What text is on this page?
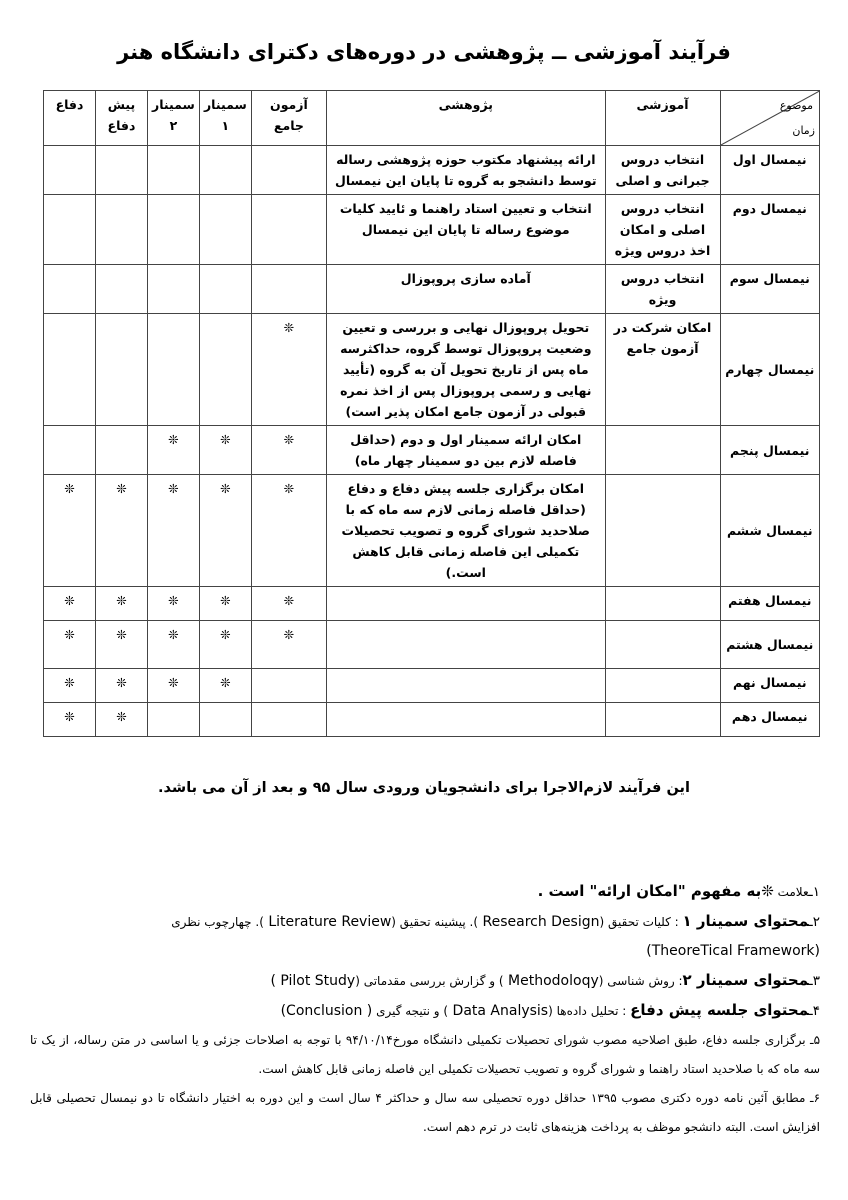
فرآیند آموزشی ــ پژوهشی در دوره‌های دکترای دانشگاه هنر
موضوع
زمان	آموزشی	پژوهشی	آزمون جامع	سمینار ۱	سمینار ۲	پیش دفاع	دفاع
نیمسال اول	انتخاب دروس جبرانی و اصلی	ارائه پیشنهاد مکتوب حوزه پژوهشی رساله توسط دانشجو به گروه تا پایان این نیمسال					
نیمسال دوم	انتخاب دروس اصلی و امکان اخذ دروس ویژه	انتخاب و تعیین استاد راهنما و ئایید کلیات موضوع رساله تا پایان این نیمسال					
نیمسال سوم	انتخاب دروس ویژه	آماده سازی پروپوزال					
نیمسال چهارم	امکان شرکت در آزمون جامع	تحویل پروپوزال نهایی و بررسی و تعیین وضعیت پروپوزال توسط گروه، حداکثرسه ماه پس از تاریخ تحویل آن به گروه (تأیید نهایی و رسمی پروپوزال پس از اخذ نمره قبولی در آزمون جامع امکان پذیر است)	❊				
نیمسال پنجم		امکان ارائه سمینار اول و دوم (حداقل فاصله لازم بین دو سمینار چهار ماه)	❊	❊	❊		
نیمسال ششم		امکان برگزاری جلسه پیش دفاع و دفاع (حداقل فاصله زمانی لازم سه ماه که با صلاحدید شورای گروه و تصویب تحصیلات تکمیلی این فاصله زمانی قابل کاهش است.)	❊	❊	❊	❊	❊
نیمسال هفتم			❊	❊	❊	❊	❊
نیمسال هشتم			❊	❊	❊	❊	❊
نیمسال نهم				❊	❊	❊	❊
نیمسال دهم						❊	❊
این فرآیند لازم‌الاجرا برای دانشجویان ورودی سال ۹۵ و بعد از آن می باشد.
۱ـعلامت ❊به مفهوم "امکان ارائه" است .
۲ـمحتوای سمینار ۱ : کلیات تحقیق ( Research Design). پیشینه تحقیق ( Literature Review). چهارچوب نظری
(TheoreTical Framework)
۳ـمحتوای سمینار ۲: روش شناسی ( Methodoloqy) و گزارش بررسی مقدماتی ( Pilot Study)
۴ـمحتوای جلسه پیش دفاع : تحلیل داده‌ها ( Data Analysis) و نتیجه گیری (Conclusion )
۵ـ برگزاری جلسه دفاع، طبق اصلاحیه مصوب شورای تحصیلات تکمیلی دانشگاه مورخ۹۴/۱۰/۱۴ با توجه به اصلاحات جزئی و یا اساسی در متن رساله، از یک تا سه ماه که با صلاحدید استاد راهنما و شورای گروه و تصویب تحصیلات تکمیلی این فاصله زمانی قابل کاهش است.
۶ـ مطابق آئین نامه دوره دکتری مصوب ۱۳۹۵ حداقل دوره تحصیلی سه سال و حداکثر ۴ سال است و این دوره به اختیار دانشگاه تا دو نیمسال تحصیلی قابل افزایش است. البته دانشجو موظف به پرداخت هزینه‌های ثابت در ترم دهم است.
